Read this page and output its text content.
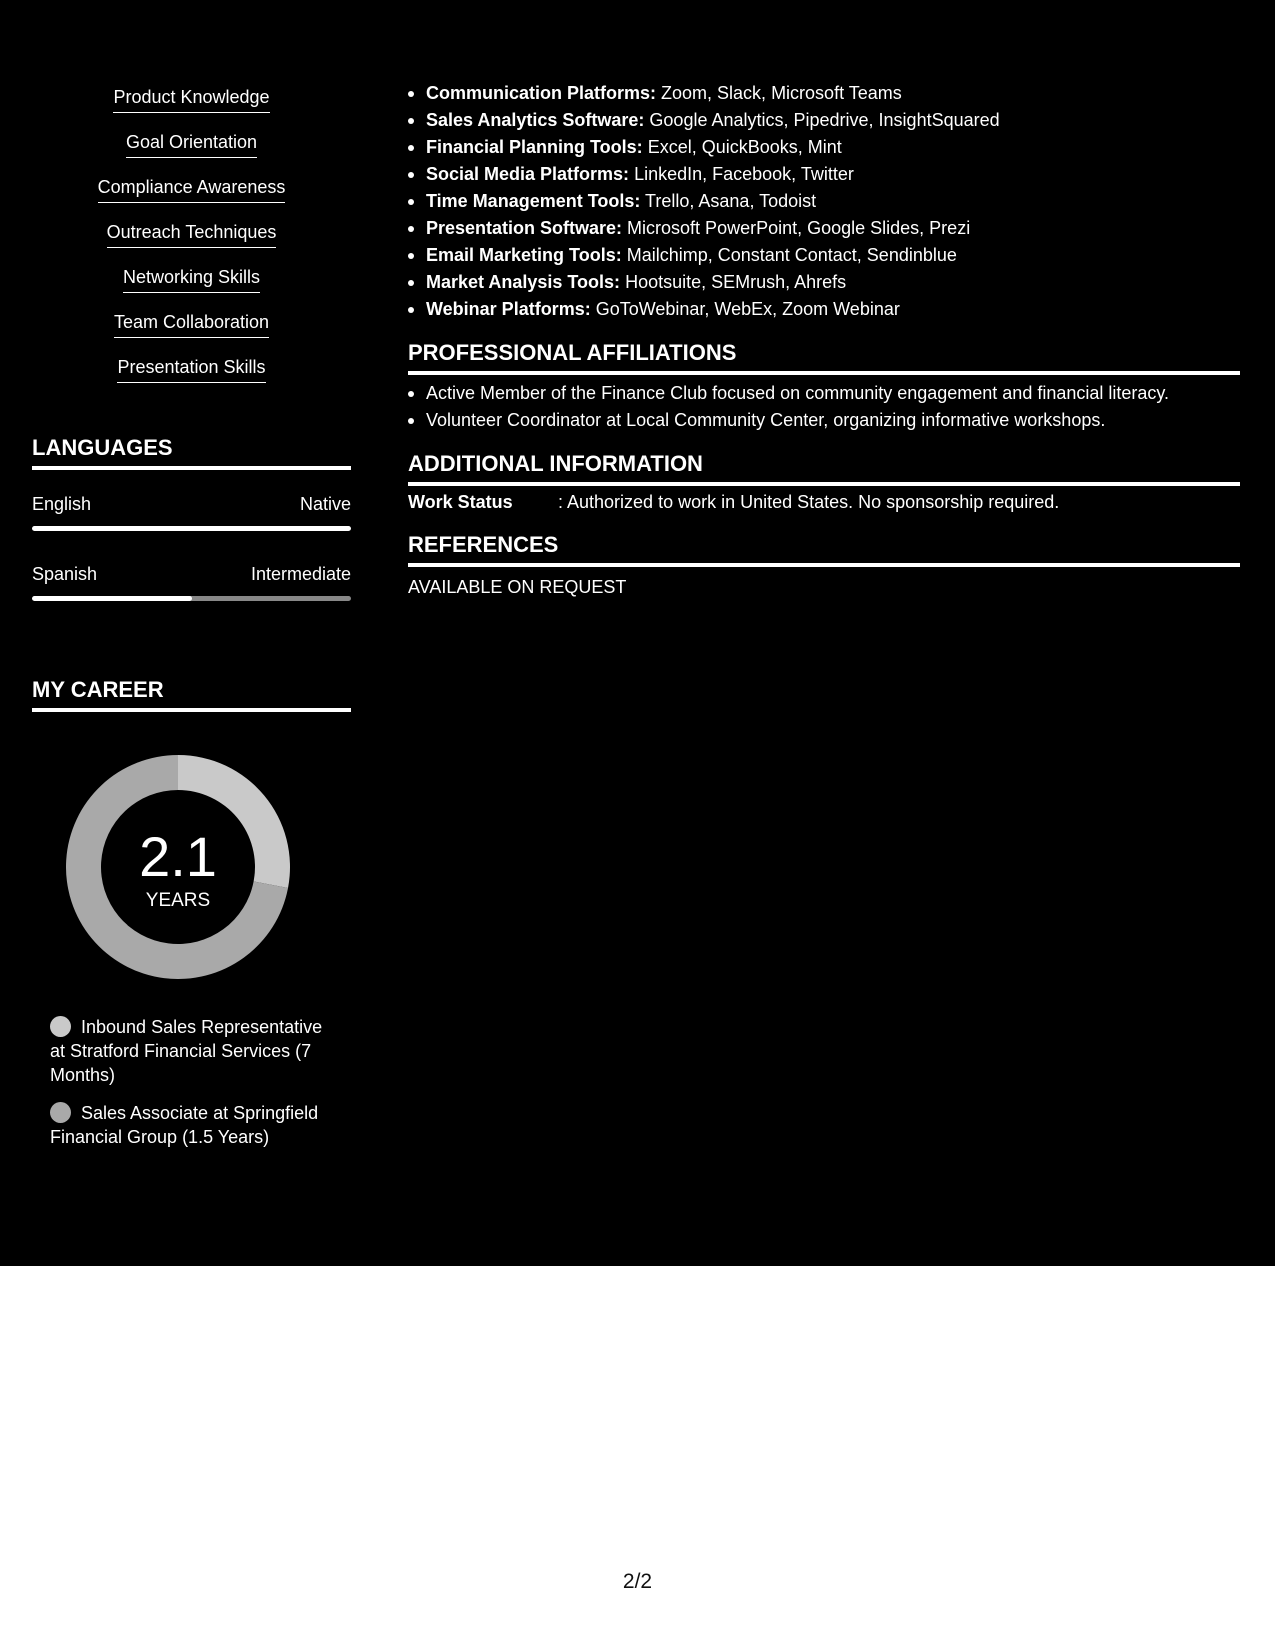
Product Knowledge
Goal Orientation
Compliance Awareness
Outreach Techniques
Networking Skills
Team Collaboration
Presentation Skills
LANGUAGES
English	Native
Spanish	Intermediate
MY CAREER
2.1
YEARS
Inbound Sales Representative at Stratford Financial Services (7 Months)
Sales Associate at Springfield Financial Group (1.5 Years)
Communication Platforms: Zoom, Slack, Microsoft Teams
Sales Analytics Software: Google Analytics, Pipedrive, InsightSquared
Financial Planning Tools: Excel, QuickBooks, Mint
Social Media Platforms: LinkedIn, Facebook, Twitter
Time Management Tools: Trello, Asana, Todoist
Presentation Software: Microsoft PowerPoint, Google Slides, Prezi
Email Marketing Tools: Mailchimp, Constant Contact, Sendinblue
Market Analysis Tools: Hootsuite, SEMrush, Ahrefs
Webinar Platforms: GoToWebinar, WebEx, Zoom Webinar
PROFESSIONAL AFFILIATIONS
Active Member of the Finance Club focused on community engagement and financial literacy.
Volunteer Coordinator at Local Community Center, organizing informative workshops.
ADDITIONAL INFORMATION
Work Status	: Authorized to work in United States. No sponsorship required.
REFERENCES
AVAILABLE ON REQUEST
2/2
